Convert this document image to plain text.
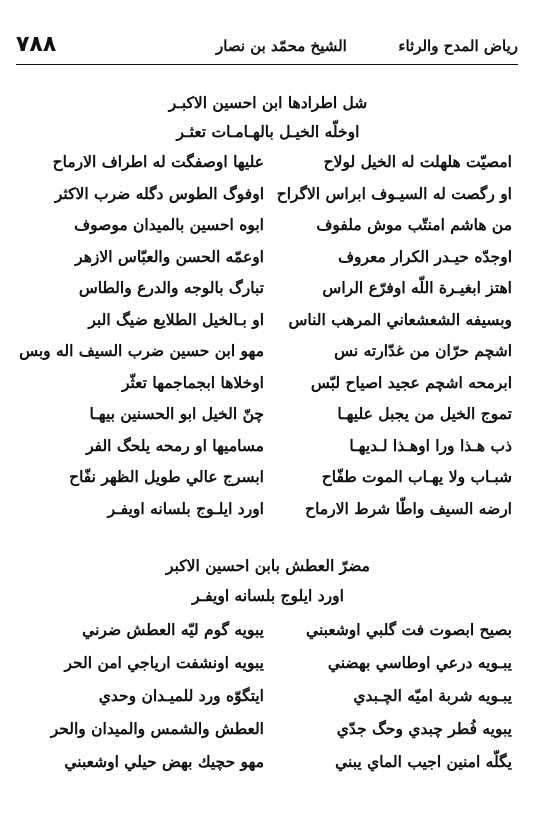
رياض المدح والرثاء
الشيخ محمّد بن نصار
٧٨٨
شل اطرادها ابن احسين الاكبـر
اوخلّه الخيـل بالهـامـات تعثـر
امصيّت هلهلت له الخيل لولاح
عليها اوصفگت له اطراف الارماح
او رگصت له السيـوف ابراس الاگراح
اوفوگ الطوس دگله ضرب الاكثر
من هاشم امنتّب موش ملفوف
ابوه احسين بالميدان موصوف
اوجدّه حيـدر الكرار معروف
اوعمّه الحسن والعبّاس الازهر
اهتز ابغيـرة اللّه اوفرّع الراس
تبارگ بالوجه والدرع والطاس
وبسيفه الشعشعاني المرهب الناس
او بـالخيل الطلايع ضيگ البر
اشچم حرّان من غدّارته نس
مهو ابن حسين ضرب السيف اله وبس
ابرمحه اشچم عجيد اصياح لبّس
اوخلاها ابجماجمها تعثّر
تموج الخيل من يجبل عليهـا
چنّ الخيل ابو الحسنين بيهـا
ذب هـذا ورا اوهـذا لـديهـا
مساميها او رمحه يلحگ الفر
شبـاب ولا يهـاب الموت طفّاح
ابسرج عالي طويل الظهر نفّاح
ارضه السيف واطّا شرط الارماح
اورد ايلـوج بلسانه اويفـر
مضرّ العطش بابن احسين الاكبر
اورد ايلوج بلسانه اويفـر
بصيح ابصوت فت گلبي اوشعبني
يبويه گوم ليّه العطش ضرني
يبـويه درعي اوطاسي بهضني
يبويه اونشفت ارياجي امن الحر
يبـويه شربة اميّه الچـبدي
ايتگوّه ورد للميـدان وحدي
يبويه فُطر چبدي وحگ جدّي
العطش والشمس والميدان والحر
يگلّه امنين اجيب الماي يبني
مهو حچيك بهض حيلي اوشعبني
